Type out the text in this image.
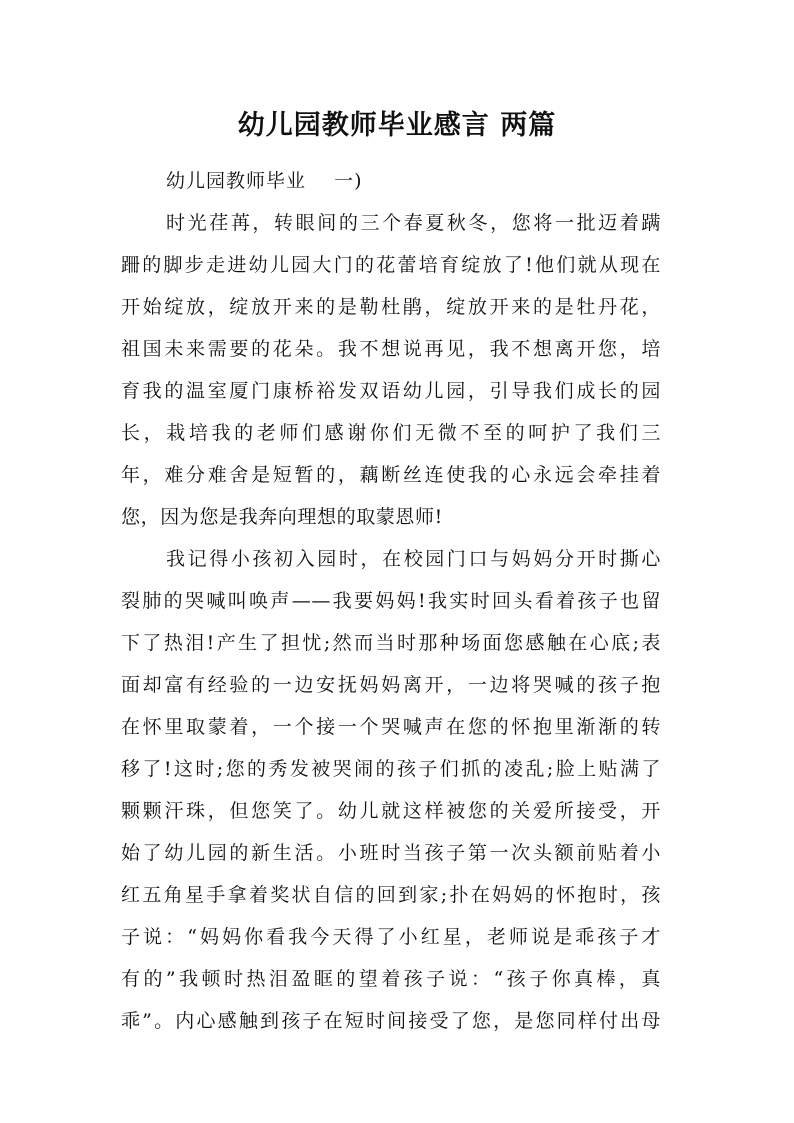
幼儿园教师毕业感言 两篇
幼儿园教师毕业    一)
时光荏苒，转眼间的三个春夏秋冬，您将一批迈着蹒
跚的脚步走进幼儿园大门的花蕾培育绽放了!他们就从现在
开始绽放，绽放开来的是勒杜鹃，绽放开来的是牡丹花，
祖国未来需要的花朵。我不想说再见，我不想离开您，培
育我的温室厦门康桥裕发双语幼儿园，引导我们成长的园
长，栽培我的老师们感谢你们无微不至的呵护了我们三
年，难分难舍是短暂的，藕断丝连使我的心永远会牵挂着
您，因为您是我奔向理想的取蒙恩师!
我记得小孩初入园时，在校园门口与妈妈分开时撕心
裂肺的哭喊叫唤声——我要妈妈!我实时回头看着孩子也留
下了热泪!产生了担忧;然而当时那种场面您感触在心底;表
面却富有经验的一边安抚妈妈离开，一边将哭喊的孩子抱
在怀里取蒙着，一个接一个哭喊声在您的怀抱里渐渐的转
移了!这时;您的秀发被哭闹的孩子们抓的凌乱;脸上贴满了
颗颗汗珠，但您笑了。幼儿就这样被您的关爱所接受，开
始了幼儿园的新生活。小班时当孩子第一次头额前贴着小
红五角星手拿着奖状自信的回到家;扑在妈妈的怀抱时，孩
子说：“妈妈你看我今天得了小红星，老师说是乖孩子才
有的”我顿时热泪盈眶的望着孩子说：“孩子你真棒，真
乖”。内心感触到孩子在短时间接受了您，是您同样付出母
